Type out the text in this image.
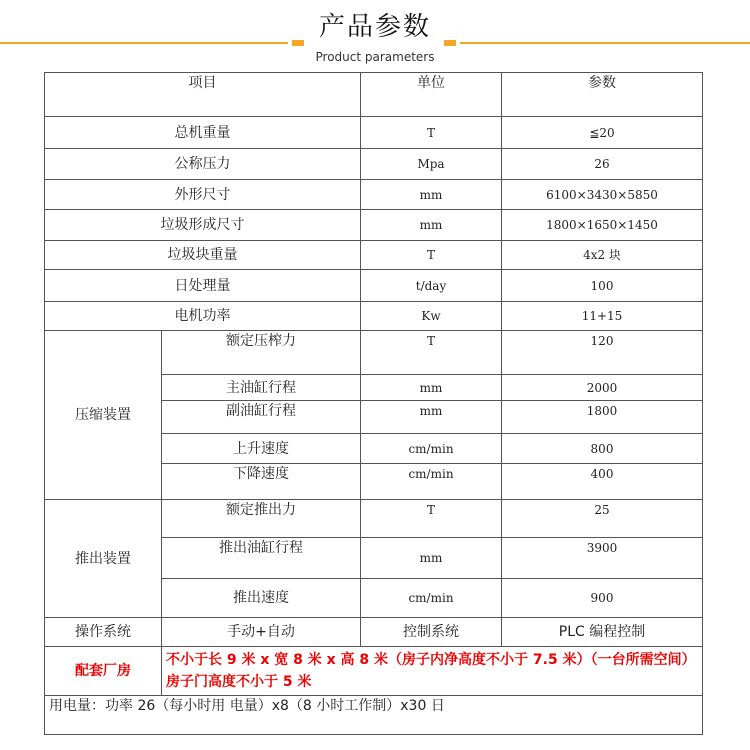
产品参数
Product parameters
项目		单位	参数
总机重量		T	≦20
公称压力		Mpa	26
外形尺寸		mm	6100×3430×5850
垃圾形成尺寸		mm	1800×1650×1450
垃圾块重量		T	4x2 块
日处理量		t/day	100
电机功率		Kw	11+15
压缩装置	额定压榨力	T	120
	主油缸行程	mm	2000
	副油缸行程	mm	1800
	上升速度	cm/min	800
	下降速度	cm/min	400
推出装置	额定推出力	T	25
	推出油缸行程	mm	3900
	推出速度	cm/min	900
操作系统	手动+自动	控制系统	PLC 编程控制
配套厂房	不小于长 9 米 x 宽 8 米 x 高 8 米（房子内净高度不小于 7.5 米）（一台所需空间）房子门高度不小于 5 米		
用电量：功率 26（每小时用 电量）x8（8 小时工作制）x30 日			
